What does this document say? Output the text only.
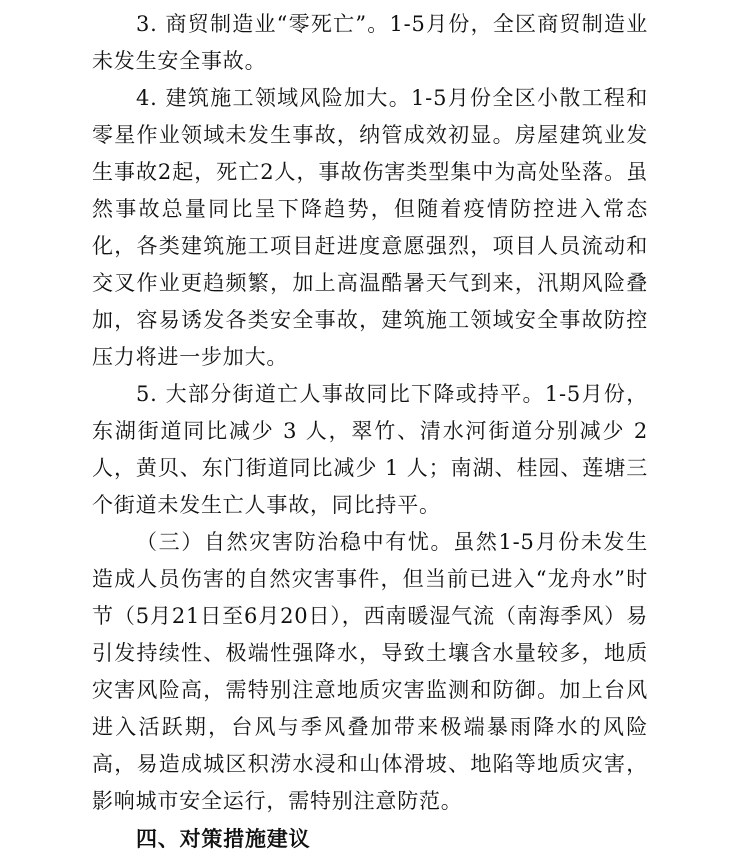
3. 商贸制造业“零死亡”。1-5月份，全区商贸制造业未发生安全事故。

4. 建筑施工领域风险加大。1-5月份全区小散工程和零星作业领域未发生事故，纳管成效初显。房屋建筑业发生事故2起，死亡2人，事故伤害类型集中为高处坠落。虽然事故总量同比呈下降趋势，但随着疫情防控进入常态化，各类建筑施工项目赶进度意愿强烈，项目人员流动和交叉作业更趋频繁，加上高温酷暑天气到来，汛期风险叠加，容易诱发各类安全事故，建筑施工领域安全事故防控压力将进一步加大。

5. 大部分街道亡人事故同比下降或持平。1-5月份，东湖街道同比减少 3 人，翠竹、清水河街道分别减少 2 人，黄贝、东门街道同比减少 1 人；南湖、桂园、莲塘三个街道未发生亡人事故，同比持平。

（三）自然灾害防治稳中有忧。虽然1-5月份未发生造成人员伤害的自然灾害事件，但当前已进入“龙舟水”时节（5月21日至6月20日），西南暖湿气流（南海季风）易引发持续性、极端性强降水，导致土壤含水量较多，地质灾害风险高，需特别注意地质灾害监测和防御。加上台风进入活跃期，台风与季风叠加带来极端暴雨降水的风险高，易造成城区积涝水浸和山体滑坡、地陷等地质灾害，影响城市安全运行，需特别注意防范。

四、对策措施建议
